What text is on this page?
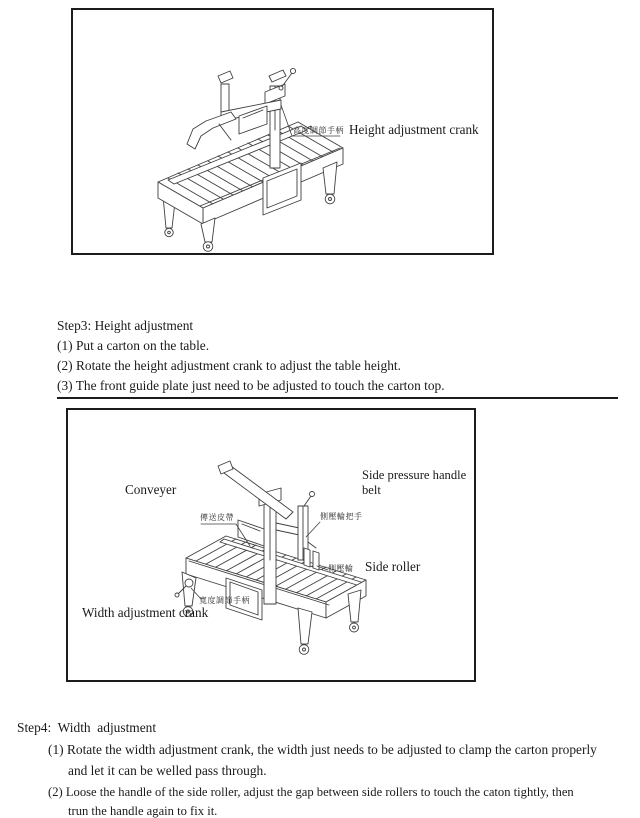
高度調節手柄 Height adjustment crank
Step3: Height adjustment
(1) Put a carton on the table.
(2) Rotate the height adjustment crank to adjust the table height.
(3) The front guide plate just need to be adjusted to touch the carton top.
Conveyer
Side pressure handle
belt
傳送皮帶	側壓輪把手
側壓輪 Side roller
寬度調節手柄
Width adjustment crank
Step4:  Width  adjustment
(1) Rotate the width adjustment crank, the width just needs to be adjusted to clamp the carton properly
and let it can be welled pass through.
(2) Loose the handle of the side roller, adjust the gap between side rollers to touch the caton tightly, then
trun the handle again to fix it.
